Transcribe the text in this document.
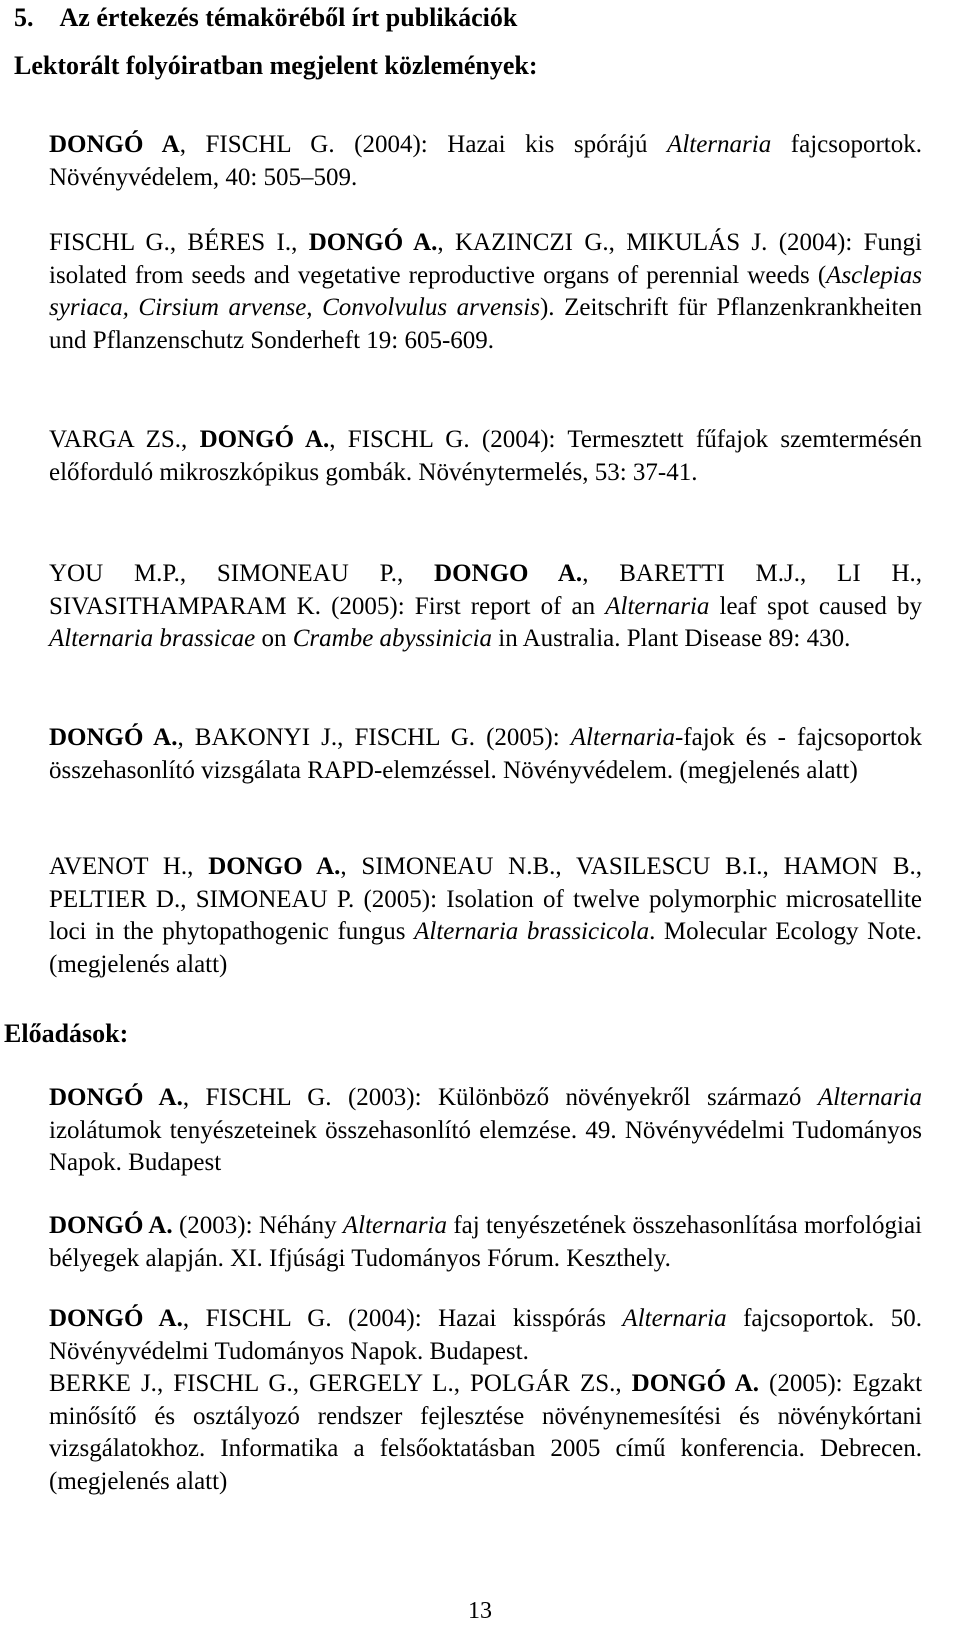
5. Az értekezés témaköréből írt publikációk
Lektorált folyóiratban megjelent közlemények:
DONGÓ A, FISCHL G. (2004): Hazai kis spórájú Alternaria fajcsoportok. Növényvédelem, 40: 505–509.
FISCHL G., BÉRES I., DONGÓ A., KAZINCZI G., MIKULÁS J. (2004): Fungi isolated from seeds and vegetative reproductive organs of perennial weeds (Asclepias syriaca, Cirsium arvense, Convolvulus arvensis). Zeitschrift für Pflanzenkrankheiten und Pflanzenschutz Sonderheft 19: 605-609.
VARGA ZS., DONGÓ A., FISCHL G. (2004): Termesztett fűfajok szemtermésén előforduló mikroszkópikus gombák. Növénytermelés, 53: 37-41.
YOU M.P., SIMONEAU P., DONGO A., BARETTI M.J., LI H., SIVASITHAMPARAM K. (2005): First report of an Alternaria leaf spot caused by Alternaria brassicae on Crambe abyssinicia in Australia. Plant Disease 89: 430.
DONGÓ A., BAKONYI J., FISCHL G. (2005): Alternaria-fajok és - fajcsoportok összehasonlító vizsgálata RAPD-elemzéssel. Növényvédelem. (megjelenés alatt)
AVENOT H., DONGO A., SIMONEAU N.B., VASILESCU B.I., HAMON B., PELTIER D., SIMONEAU P. (2005): Isolation of twelve polymorphic microsatellite loci in the phytopathogenic fungus Alternaria brassicicola. Molecular Ecology Note. (megjelenés alatt)
Előadások:
DONGÓ A., FISCHL G. (2003): Különböző növényekről származó Alternaria izolátumok tenyészeteinek összehasonlító elemzése. 49. Növényvédelmi Tudományos Napok. Budapest
DONGÓ A. (2003): Néhány Alternaria faj tenyészetének összehasonlítása morfológiai bélyegek alapján. XI. Ifjúsági Tudományos Fórum. Keszthely.
DONGÓ A., FISCHL G. (2004): Hazai kisspórás Alternaria fajcsoportok. 50. Növényvédelmi Tudományos Napok. Budapest.
BERKE J., FISCHL G., GERGELY L., POLGÁR ZS., DONGÓ A. (2005): Egzakt minősítő és osztályozó rendszer fejlesztése növénynemesítési és növénykórtani vizsgálatokhoz. Informatika a felsőoktatásban 2005 című konferencia. Debrecen. (megjelenés alatt)
13
